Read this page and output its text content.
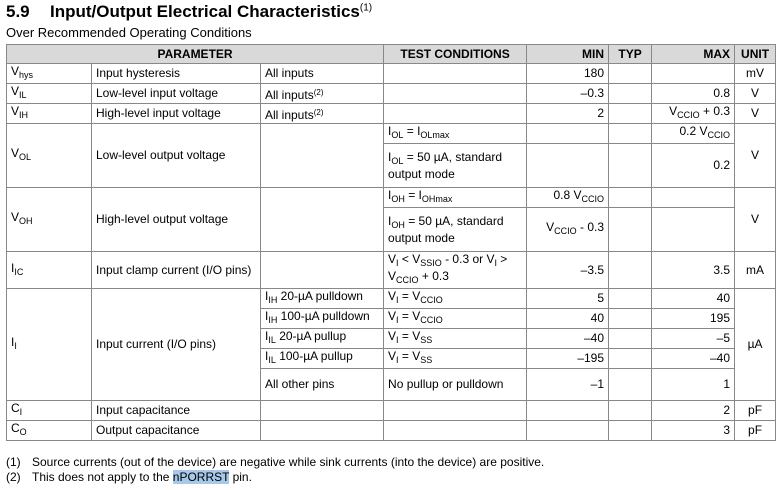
5.9 Input/Output Electrical Characteristics$^{(1)}$
Over Recommended Operating Conditions
PARAMETER			TEST CONDITIONS	MIN	TYP	MAX	UNIT
$V_{hys}$	Input hysteresis	All inputs		180			mV
$V_{IL}$	Low-level input voltage	All inputs$^{(2)}$		–0.3		0.8	V
$V_{IH}$	High-level input voltage	All inputs$^{(2)}$		2		$V_{CCIO} + 0.3$	V
$V_{OL}$	Low-level output voltage		$I_{OL} = I_{OLmax}$			0.2 $V_{CCIO}$	V
			$I_{OL} = 50$ µA, standard output mode			0.2	
$V_{OH}$	High-level output voltage		$I_{OH} = I_{OHmax}$	0.8 $V_{CCIO}$			V
			$I_{OH} = 50$ µA, standard output mode	$V_{CCIO} - 0.3$			
$I_{IC}$	Input clamp current (I/O pins)		$V_I < V_{SSIO} - 0.3$ or $V_I > V_{CCIO} + 0.3$	–3.5		3.5	mA
$I_I$	Input current (I/O pins)	$I_{IH}$ 20-µA pulldown	$V_I = V_{CCIO}$	5		40	µA
		$I_{IH}$ 100-µA pulldown	$V_I = V_{CCIO}$	40		195	
		$I_{IL}$ 20-µA pullup	$V_I = V_{SS}$	–40		–5	
		$I_{IL}$ 100-µA pullup	$V_I = V_{SS}$	–195		–40	
		All other pins	No pullup or pulldown	–1		1	
$C_I$	Input capacitance					2	pF
$C_O$	Output capacitance					3	pF
(1) Source currents (out of the device) are negative while sink currents (into the device) are positive.
(2) This does not apply to the nPORRST pin.
